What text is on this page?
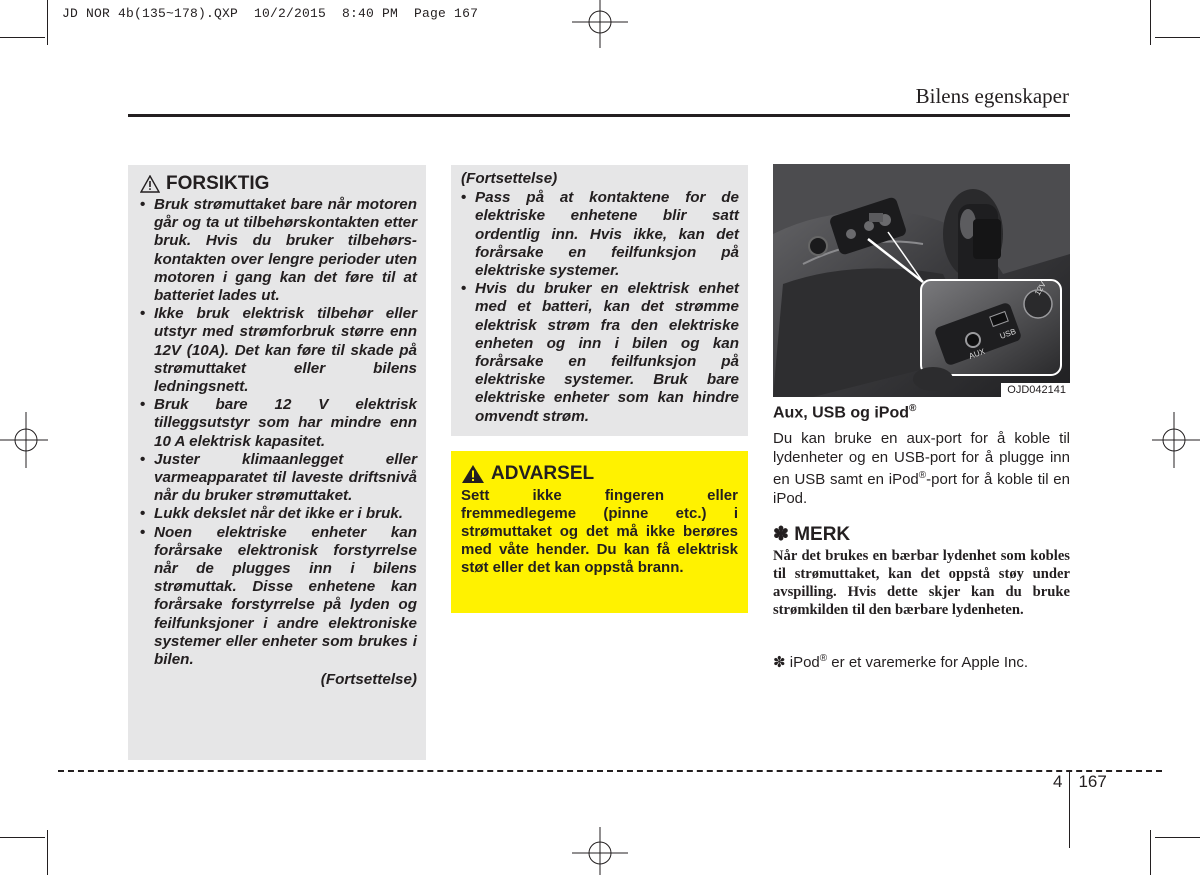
JD NOR 4b(135~178).QXP  10/2/2015  8:40 PM  Page 167
Bilens egenskaper
FORSIKTIG
• Bruk strømuttaket bare når motoren går og ta ut tilbehørskontakten etter bruk. Hvis du bruker tilbehørs-kontakten over lengre perioder uten motoren i gang kan det føre til at batteriet lades ut.
• Ikke bruk elektrisk tilbehør eller utstyr med strømforbruk større enn 12V (10A). Det kan føre til skade på strømuttaket eller bilens ledningsnett.
• Bruk bare 12 V elektrisk tilleggsutstyr som har mindre enn 10 A elektrisk kapasitet.
• Juster klimaanlegget eller varmeapparatet til laveste driftsnivå når du bruker strømuttaket.
• Lukk dekslet når det ikke er i bruk.
• Noen elektriske enheter kan forårsake elektronisk forstyrrelse når de plugges inn i bilens strømuttak. Disse enhetene kan forårsake forstyrrelse på lyden og feilfunksjoner i andre elektroniske systemer eller enheter som brukes i bilen.
(Fortsettelse)
(Fortsettelse)
• Pass på at kontaktene for de elektriske enhetene blir satt ordentlig inn. Hvis ikke, kan det forårsake en feilfunksjon på elektriske systemer.
• Hvis du bruker en elektrisk enhet med et batteri, kan det strømme elektrisk strøm fra den elektriske enheten og inn i bilen og kan forårsake en feilfunksjon på elektriske systemer. Bruk bare elektriske enheter som kan hindre omvendt strøm.
ADVARSEL
Sett ikke fingeren eller fremmedlegeme (pinne etc.) i strømuttaket og det må ikke berøres med våte hender. Du kan få elektrisk støt eller det kan oppstå brann.
AUX
USB
12V
OJD042141
Aux, USB og iPod®
Du kan bruke en aux-port for å koble til lydenheter og en USB-port for å plugge inn en USB samt en iPod®-port for å koble til en iPod.
✽ MERK
Når det brukes en bærbar lydenhet som kobles til strømuttaket, kan det oppstå støy under avspilling. Hvis dette skjer kan du bruke strømkilden til den bærbare lydenheten.
✽ iPod® er et varemerke for Apple Inc.
4 167
